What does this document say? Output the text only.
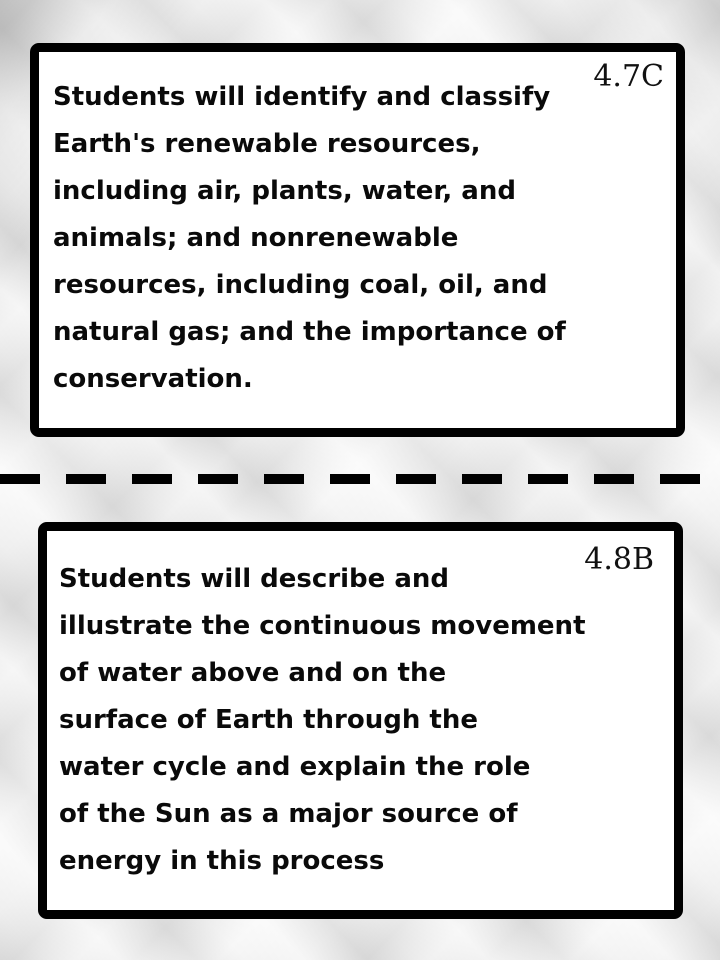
4.7C
Students will identify and classify
Earth's renewable resources,
including air, plants, water, and
animals; and nonrenewable
resources, including coal, oil, and
natural gas; and the importance of
conservation.
4.8B
Students will describe and
illustrate the continuous movement
of water above and on the
surface of Earth through the
water cycle and explain the role
of the Sun as a major source of
energy in this process
